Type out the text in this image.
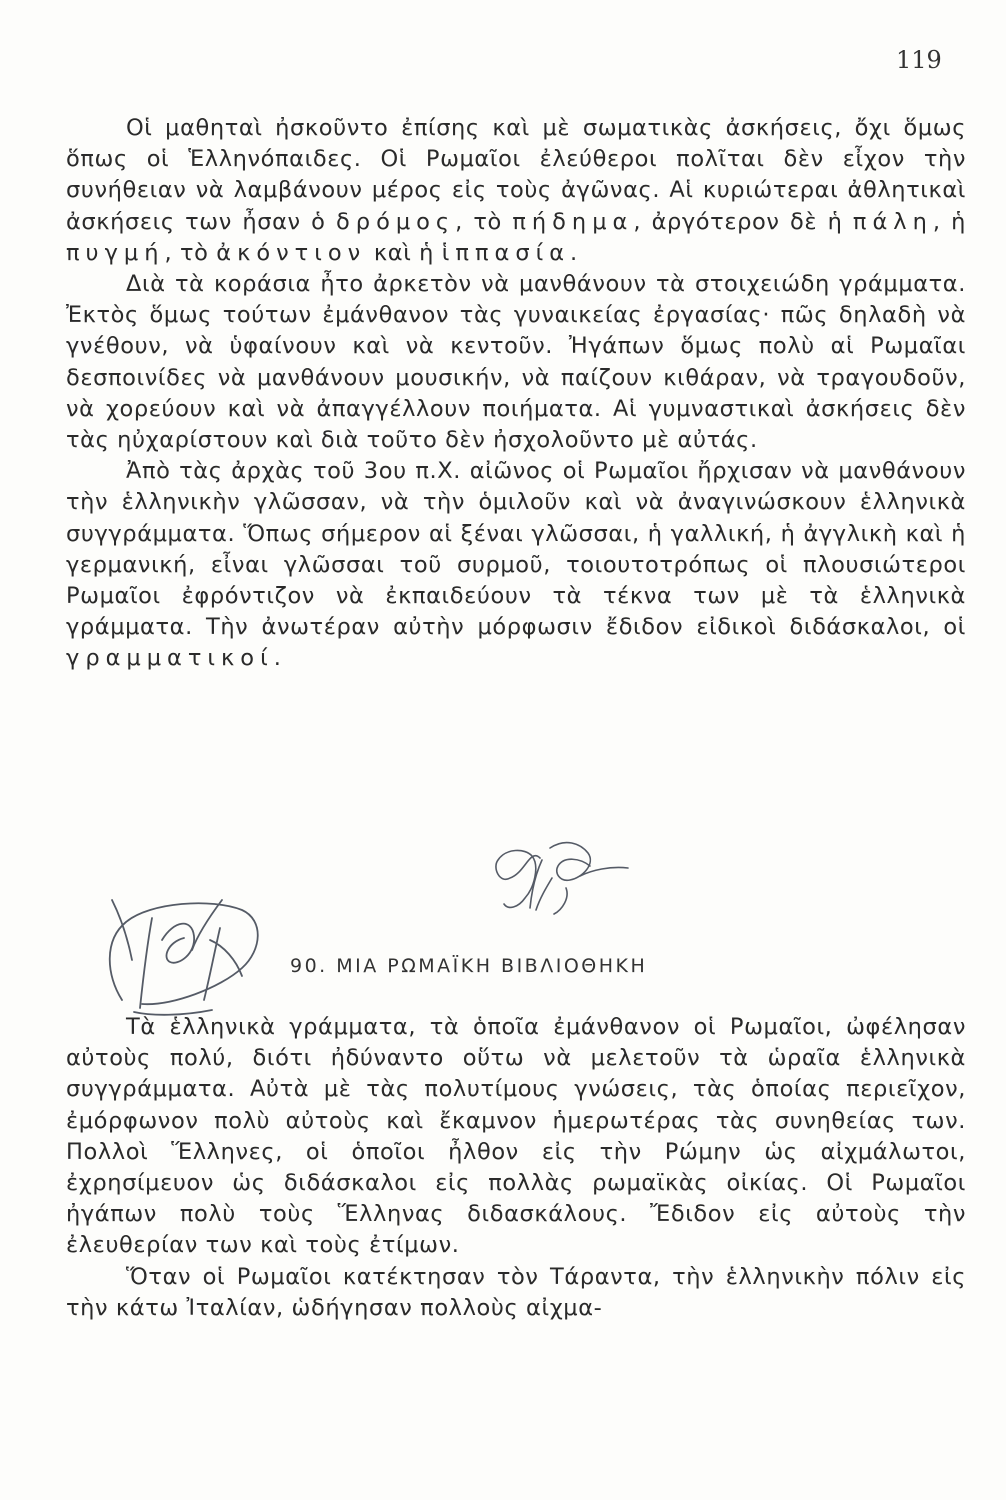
119

Οἱ μαθηταὶ ἠσκοῦντο ἐπίσης καὶ μὲ σωματικὰς ἀσκήσεις, ὄχι ὅμως ὅπως οἱ Ἑλληνόπαιδες. Οἱ Ρωμαῖοι ἐλεύθεροι πολῖται δὲν εἶχον τὴν συνήθειαν νὰ λαμβάνουν μέρος εἰς τοὺς ἀγῶνας. Αἱ κυριώτεραι ἀθλητικαὶ ἀσκήσεις των ἦσαν ὁ δρόμος, τὸ πήδημα, ἀργότερον δὲ ἡ πάλη, ἡ πυγμή, τὸ ἀκόντιον καὶ ἡ ἱππασία.

Διὰ τὰ κοράσια ἦτο ἀρκετὸν νὰ μανθάνουν τὰ στοιχειώδη γράμματα. Ἐκτὸς ὅμως τούτων ἐμάνθανον τὰς γυναικείας ἐργασίας· πῶς δηλαδὴ νὰ γνέθουν, νὰ ὑφαίνουν καὶ νὰ κεντοῦν. Ἠγάπων ὅμως πολὺ αἱ Ρωμαῖαι δεσποινίδες νὰ μανθάνουν μουσικήν, νὰ παίζουν κιθάραν, νὰ τραγουδοῦν, νὰ χορεύουν καὶ νὰ ἀπαγγέλλουν ποιήματα. Αἱ γυμναστικαὶ ἀσκήσεις δὲν τὰς ηὐχαρίστουν καὶ διὰ τοῦτο δὲν ἠσχολοῦντο μὲ αὐτάς.

Ἀπὸ τὰς ἀρχὰς τοῦ 3ου π.Χ. αἰῶνος οἱ Ρωμαῖοι ἤρχισαν νὰ μανθάνουν τὴν ἑλληνικὴν γλῶσσαν, νὰ τὴν ὁμιλοῦν καὶ νὰ ἀναγινώσκουν ἑλληνικὰ συγγράμματα. Ὅπως σήμερον αἱ ξέναι γλῶσσαι, ἡ γαλλική, ἡ ἀγγλικὴ καὶ ἡ γερμανική, εἶναι γλῶσσαι τοῦ συρμοῦ, τοιουτοτρόπως οἱ πλουσιώτεροι Ρωμαῖοι ἐφρόντιζον νὰ ἐκπαιδεύουν τὰ τέκνα των μὲ τὰ ἑλληνικὰ γράμματα. Τὴν ἀνωτέραν αὐτὴν μόρφωσιν ἔδιδον εἰδικοὶ διδάσκαλοι, οἱ γραμματικοί.

90. ΜΙΑ ΡΩΜΑΪΚΗ ΒΙΒΛΙΟΘΗΚΗ

Τὰ ἑλληνικὰ γράμματα, τὰ ὁποῖα ἐμάνθανον οἱ Ρωμαῖοι, ὠφέλησαν αὐτοὺς πολύ, διότι ἠδύναντο οὕτω νὰ μελετοῦν τὰ ὡραῖα ἑλληνικὰ συγγράμματα. Αὐτὰ μὲ τὰς πολυτίμους γνώσεις, τὰς ὁποίας περιεῖχον, ἐμόρφωνον πολὺ αὐτοὺς καὶ ἔκαμνον ἡμερωτέρας τὰς συνηθείας των. Πολλοὶ Ἕλληνες, οἱ ὁποῖοι ἦλθον εἰς τὴν Ρώμην ὡς αἰχμάλωτοι, ἐχρησίμευον ὡς διδάσκαλοι εἰς πολλὰς ρωμαϊκὰς οἰκίας. Οἱ Ρωμαῖοι ἠγάπων πολὺ τοὺς Ἕλληνας διδασκάλους. Ἔδιδον εἰς αὐτοὺς τὴν ἐλευθερίαν των καὶ τοὺς ἐτίμων.

Ὅταν οἱ Ρωμαῖοι κατέκτησαν τὸν Τάραντα, τὴν ἑλληνικὴν πόλιν εἰς τὴν κάτω Ἰταλίαν, ὡδήγησαν πολλοὺς αἰχμα-
